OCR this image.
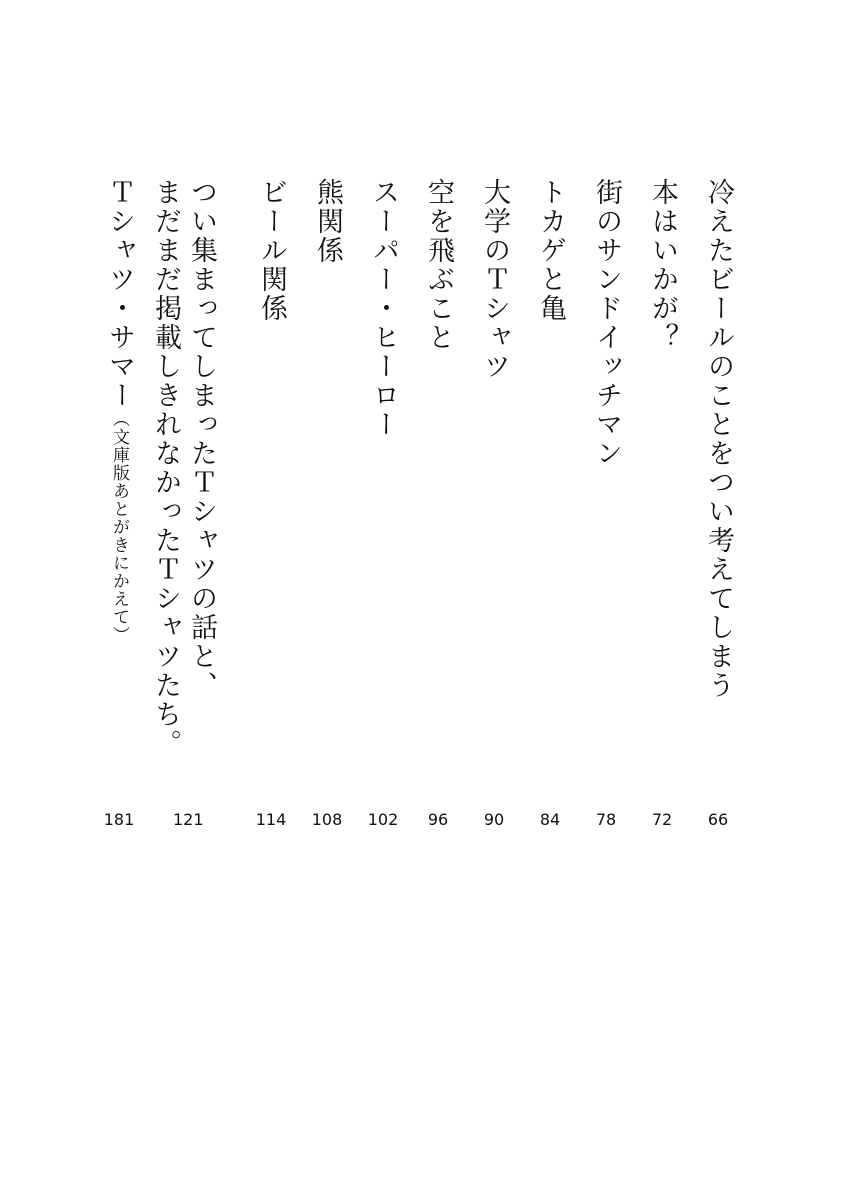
冷えたビールのことをつい考えてしまう
66
本はいかが？
72
街のサンドイッチマン
78
トカゲと亀
84
大学のＴシャツ
90
空を飛ぶこと
96
スーパー・ヒーロー
102
熊関係
108
ビール関係
114
つい集まってしまったＴシャツの話と、
まだまだ掲載しきれなかったＴシャツたち。
121
Ｔシャツ・サマー（文庫版あとがきにかえて）
181
